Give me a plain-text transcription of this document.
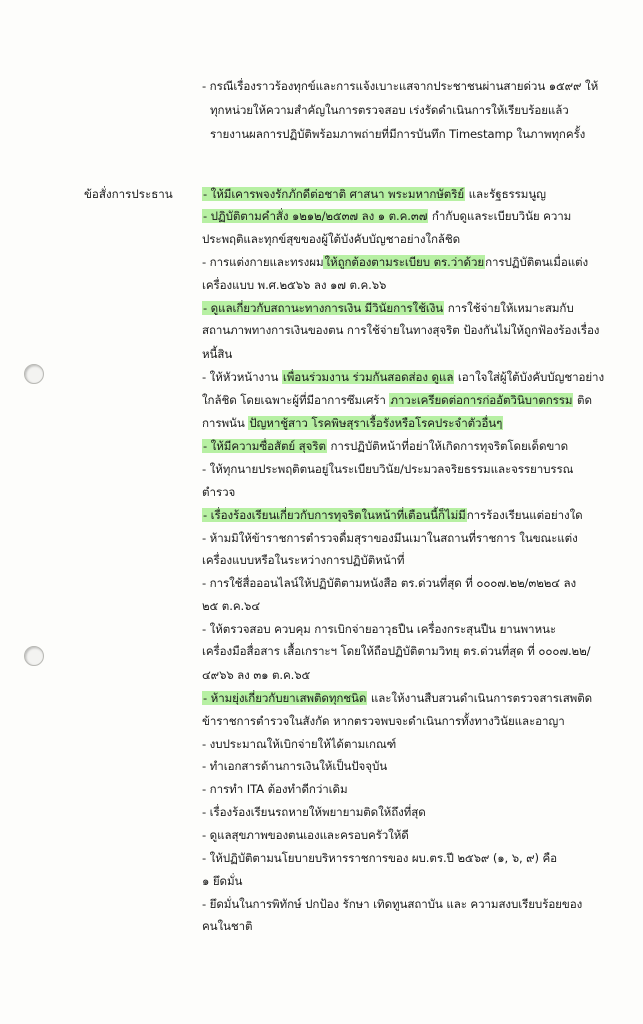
- กรณีเรื่องราวร้องทุกข์และการแจ้งเบาะแสจากประชาชนผ่านสายด่วน ๑๕๙๙ ให้
ทุกหน่วยให้ความสำคัญในการตรวจสอบ เร่งรัดดำเนินการให้เรียบร้อยแล้ว
รายงานผลการปฏิบัติพร้อมภาพถ่ายที่มีการบันทึก Timestamp ในภาพทุกครั้ง
ข้อสั่งการประธาน	- ให้มีเคารพจงรักภักดีต่อชาติ ศาสนา พระมหากษัตริย์ และรัฐธรรมนูญ
- ปฏิบัติตามคำสั่ง ๑๒๑๒/๒๕๓๗ ลง ๑ ต.ค.๓๗ กำกับดูแลระเบียบวินัย ความ
ประพฤติและทุกข์สุขของผู้ใต้บังคับบัญชาอย่างใกล้ชิด
- การแต่งกายและทรงผมให้ถูกต้องตามระเบียบ ตร.ว่าด้วยการปฏิบัติตนเมื่อแต่ง
เครื่องแบบ พ.ศ.๒๕๖๖ ลง ๑๗ ต.ค.๖๖
- ดูแลเกี่ยวกับสถานะทางการเงิน มีวินัยการใช้เงิน การใช้จ่ายให้เหมาะสมกับ
สถานภาพทางการเงินของตน การใช้จ่ายในทางสุจริต ป้องกันไม่ให้ถูกฟ้องร้องเรื่อง
หนี้สิน
- ให้หัวหน้างาน เพื่อนร่วมงาน ร่วมกันสอดส่อง ดูแล เอาใจใส่ผู้ใต้บังคับบัญชาอย่าง
ใกล้ชิด โดยเฉพาะผู้ที่มีอาการซึมเศร้า ภาวะเครียดต่อการก่ออัตวินิบาตกรรม ติด
การพนัน ปัญหาชู้สาว โรคพิษสุราเรื้อรังหรือโรคประจำตัวอื่นๆ
- ให้มีความซื่อสัตย์ สุจริต การปฏิบัติหน้าที่อย่าให้เกิดการทุจริตโดยเด็ดขาด
- ให้ทุกนายประพฤติตนอยู่ในระเบียบวินัย/ประมวลจริยธรรมและจรรยาบรรณ
ตำรวจ
- เรื่องร้องเรียนเกี่ยวกับการทุจริตในหน้าที่เตือนนี้ก็ไม่มีการร้องเรียนแต่อย่างใด
- ห้ามมิให้ข้าราชการตำรวจดื่มสุราของมึนเมาในสถานที่ราชการ ในขณะแต่ง
เครื่องแบบหรือในระหว่างการปฏิบัติหน้าที่
- การใช้สื่อออนไลน์ให้ปฏิบัติตามหนังสือ ตร.ด่วนที่สุด ที่ ๐๐๐๗.๒๒/๓๒๒๔ ลง
๒๕ ต.ค.๖๔
- ให้ตรวจสอบ ควบคุม การเบิกจ่ายอาวุธปืน เครื่องกระสุนปืน ยานพาหนะ
เครื่องมือสื่อสาร เสื้อเกราะฯ โดยให้ถือปฏิบัติตามวิทยุ ตร.ด่วนที่สุด ที่ ๐๐๐๗.๒๒/
๔๙๖๖ ลง ๓๑ ต.ค.๖๕
- ห้ามยุ่งเกี่ยวกับยาเสพติดทุกชนิด และให้งานสืบสวนดำเนินการตรวจสารเสพติด
ข้าราชการตำรวจในสังกัด หากตรวจพบจะดำเนินการทั้งทางวินัยและอาญา
- งบประมาณให้เบิกจ่ายให้ได้ตามเกณฑ์
- ทำเอกสารด้านการเงินให้เป็นปัจจุบัน
- การทำ ITA ต้องทำดีกว่าเดิม
- เรื่องร้องเรียนรถหายให้พยายามติดให้ถึงที่สุด
- ดูแลสุขภาพของตนเองและครอบครัวให้ดี
- ให้ปฏิบัติตามนโยบายบริหารราชการของ ผบ.ตร.ปี ๒๕๖๙ (๑, ๖, ๙) คือ
๑ ยึดมั่น
- ยึดมั่นในการพิทักษ์ ปกป้อง รักษา เทิดทูนสถาบัน และ ความสงบเรียบร้อยของ
คนในชาติ
